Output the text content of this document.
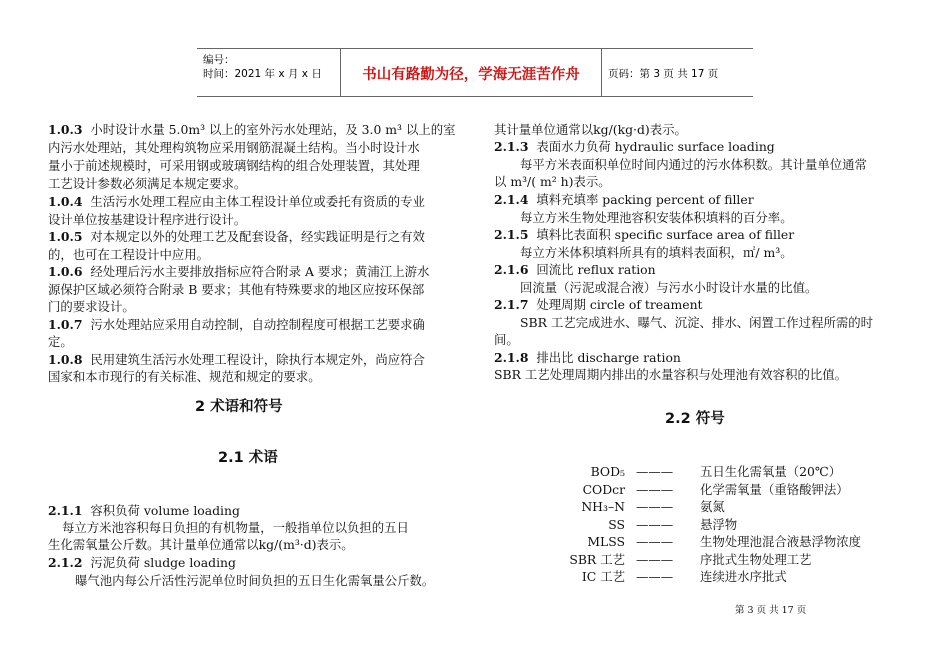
编号：
时间：2021 年 x 月 x 日	书山有路勤为径，学海无涯苦作舟	页码：第 3 页 共 17 页
1.0.3 小时设计水量 5.0m³ 以上的室外污水处理站，及 3.0 m³ 以上的室
内污水处理站，其处理构筑物应采用钢筋混凝土结构。当小时设计水
量小于前述规模时，可采用钢或玻璃钢结构的组合处理装置，其处理
工艺设计参数必须满足本规定要求。
1.0.4 生活污水处理工程应由主体工程设计单位或委托有资质的专业
设计单位按基建设计程序进行设计。
1.0.5 对本规定以外的处理工艺及配套设备，经实践证明是行之有效
的，也可在工程设计中应用。
1.0.6 经处理后污水主要排放指标应符合附录 A 要求；黄浦江上游水
源保护区域必须符合附录 B 要求；其他有特殊要求的地区应按环保部
门的要求设计。
1.0.7 污水处理站应采用自动控制，自动控制程度可根据工艺要求确
定。
1.0.8 民用建筑生活污水处理工程设计，除执行本规定外，尚应符合
国家和本市现行的有关标准、规范和规定的要求。
2 术语和符号
2.1 术语
2.1.1 容积负荷 volume loading
每立方米池容积每日负担的有机物量，一般指单位以负担的五日
生化需氧量公斤数。其计量单位通常以kg/(m³·d)表示。
2.1.2 污泥负荷 sludge loading
曝气池内每公斤活性污泥单位时间负担的五日生化需氧量公斤数。
其计量单位通常以kg/(kg·d)表示。
2.1.3 表面水力负荷 hydraulic surface loading
每平方米表面积单位时间内通过的污水体积数。其计量单位通常
以 m³/( m² h)表示。
2.1.4 填料充填率 packing percent of filler
每立方米生物处理池容积安装体积填料的百分率。
2.1.5 填料比表面积 specific surface area of filler
每立方米体积填料所具有的填料表面积，㎡/ m³。
2.1.6 回流比 reflux ration
回流量（污泥或混合液）与污水小时设计水量的比值。
2.1.7 处理周期 circle of treament
SBR 工艺完成进水、曝气、沉淀、排水、闲置工作过程所需的时
间。
2.1.8 排出比 discharge ration
SBR 工艺处理周期内排出的水量容积与处理池有效容积的比值。
2.2 符号
BOD₅ ——— 五日生化需氧量（20℃）
CODcr ——— 化学需氧量（重铬酸钾法）
NH₃–N ——— 氨氮
SS ——— 悬浮物
MLSS ——— 生物处理池混合液悬浮物浓度
SBR 工艺 ——— 序批式生物处理工艺
IC 工艺 ——— 连续进水序批式
第 3 页 共 17 页
